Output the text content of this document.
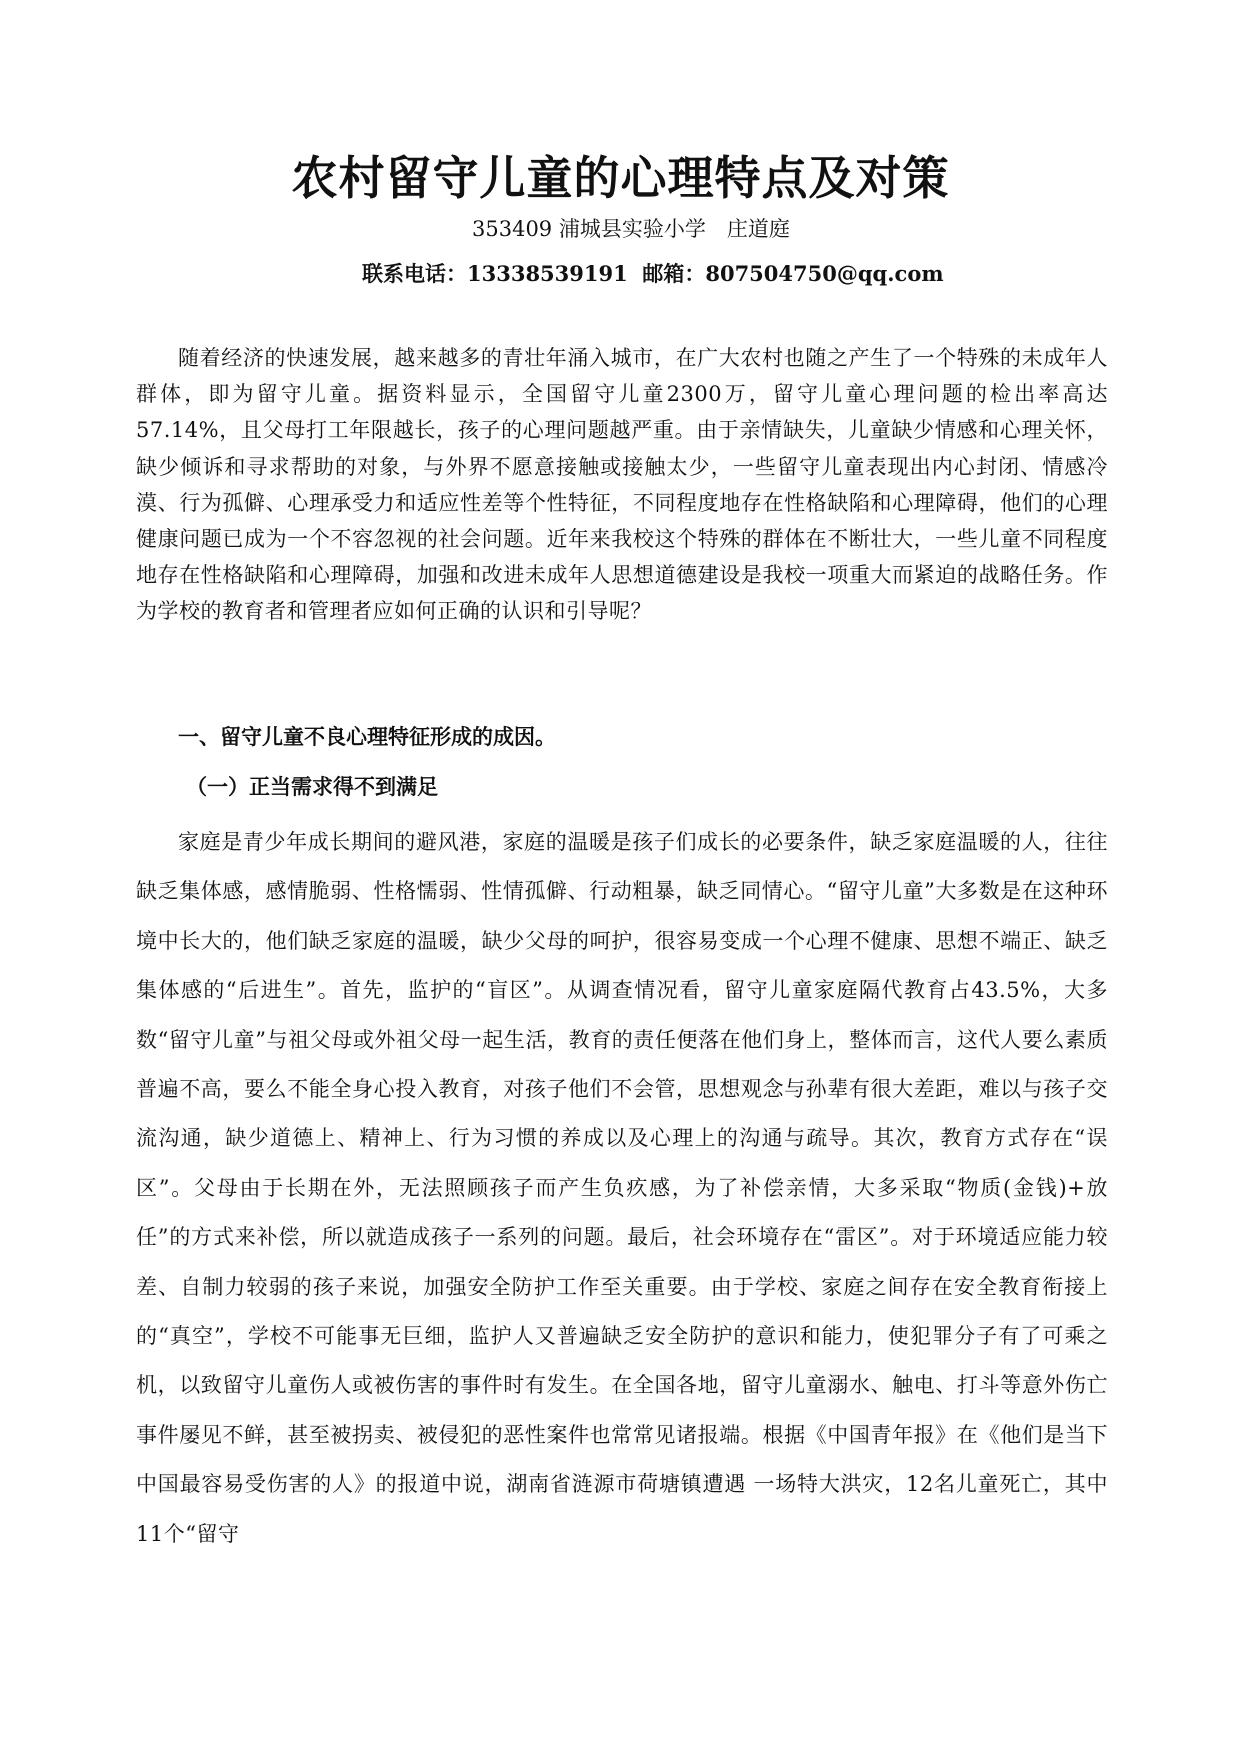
农村留守儿童的心理特点及对策
353409 浦城县实验小学　庄道庭
联系电话：13338539191  邮箱：807504750@qq.com

随着经济的快速发展，越来越多的青壮年涌入城市，在广大农村也随之产生了一个特殊的未成年人群体，即为留守儿童。据资料显示，全国留守儿童2300万，留守儿童心理问题的检出率高达57.14%，且父母打工年限越长，孩子的心理问题越严重。由于亲情缺失，儿童缺少情感和心理关怀，缺少倾诉和寻求帮助的对象，与外界不愿意接触或接触太少，一些留守儿童表现出内心封闭、情感冷漠、行为孤僻、心理承受力和适应性差等个性特征，不同程度地存在性格缺陷和心理障碍，他们的心理健康问题已成为一个不容忽视的社会问题。近年来我校这个特殊的群体在不断壮大，一些儿童不同程度地存在性格缺陷和心理障碍，加强和改进未成年人思想道德建设是我校一项重大而紧迫的战略任务。作为学校的教育者和管理者应如何正确的认识和引导呢？

一、留守儿童不良心理特征形成的成因。
（一）正当需求得不到满足

家庭是青少年成长期间的避风港，家庭的温暖是孩子们成长的必要条件，缺乏家庭温暖的人，往往缺乏集体感，感情脆弱、性格懦弱、性情孤僻、行动粗暴，缺乏同情心。“留守儿童”大多数是在这种环境中长大的，他们缺乏家庭的温暖，缺少父母的呵护，很容易变成一个心理不健康、思想不端正、缺乏集体感的“后进生”。首先，监护的“盲区”。从调查情况看，留守儿童家庭隔代教育占43.5%，大多数“留守儿童”与祖父母或外祖父母一起生活，教育的责任便落在他们身上，整体而言，这代人要么素质普遍不高，要么不能全身心投入教育，对孩子他们不会管，思想观念与孙辈有很大差距，难以与孩子交流沟通，缺少道德上、精神上、行为习惯的养成以及心理上的沟通与疏导。其次，教育方式存在“误区”。父母由于长期在外，无法照顾孩子而产生负疚感，为了补偿亲情，大多采取“物质(金钱)+放任”的方式来补偿，所以就造成孩子一系列的问题。最后，社会环境存在“雷区”。对于环境适应能力较差、自制力较弱的孩子来说，加强安全防护工作至关重要。由于学校、家庭之间存在安全教育衔接上的“真空”，学校不可能事无巨细，监护人又普遍缺乏安全防护的意识和能力，使犯罪分子有了可乘之机，以致留守儿童伤人或被伤害的事件时有发生。在全国各地，留守儿童溺水、触电、打斗等意外伤亡事件屡见不鲜，甚至被拐卖、被侵犯的恶性案件也常常见诸报端。根据《中国青年报》在《他们是当下中国最容易受伤害的人》的报道中说，湖南省涟源市荷塘镇遭遇 一场特大洪灾，12名儿童死亡，其中11个“留守
